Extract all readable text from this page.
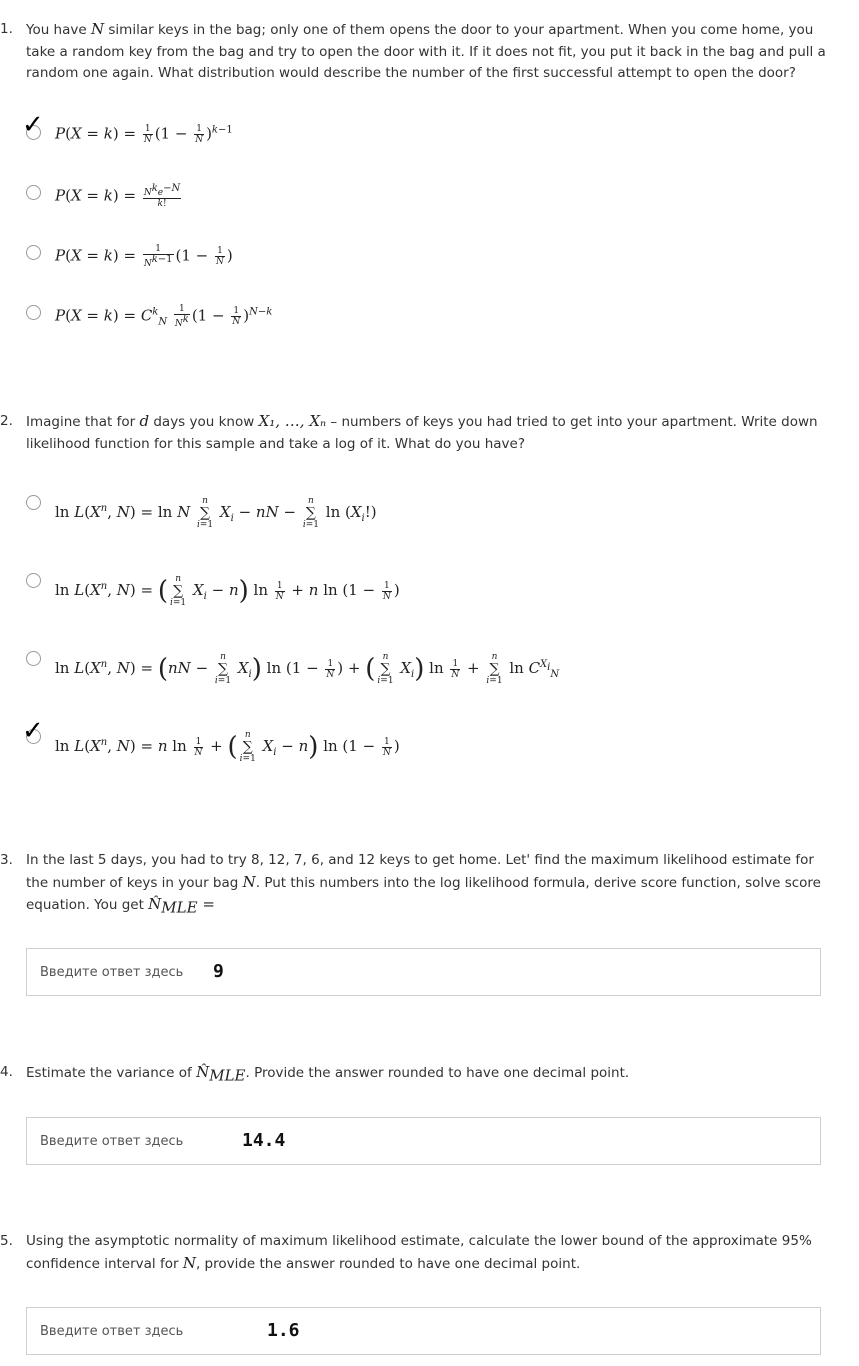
1. You have N similar keys in the bag; only one of them opens the door to your apartment. When you come home, you take a random key from the bag and try to open the door with it. If it does not fit, you put it back in the bag and pull a random one again. What distribution would describe the number of the first successful attempt to open the door?
✓ $P(X = k) = \frac{1}{N} (1 - \frac{1}{N} )^{k-1}$
$P(X = k) = \frac{N^ke^{-N}}{k!}$
$P(X = k) = \frac{1}{N^{k-1}} (1 - \frac{1}{N}$ )
$P(X = k) = C^k_N \frac{1}{N^k} (1 - \frac{1}{N} )^{N-k}$
2. Imagine that for d days you know X₁, …, Xₙ – numbers of keys you had tried to get into your apartment. Write down likelihood function for this sample and take a log of it. What do you have?
$\ln L(X^n$, N) = ln N n
∑
i=1 $X_i$ − nN − n
∑
i=1 $\ln (X_i!)$
$\ln L(X^n$, N) = ( n
∑
i=1 $X_i - n$) $\ln \frac{1}{N} + n$ $\ln (1 - \frac{1}{N}$ )
$\ln L(X^n$, N) = (nN − n
∑
i=1 $X_i$) $\ln (1 - \frac{1}{N}$ ) + ( n
∑
i=1 $X_i$) $\ln \frac{1}{N} + n$
∑
i=1 $\ln C^{X_i}_N$
✓ $\ln L(X^n$, N) = n $\ln \frac{1}{N}$ + ( n
∑
i=1 $X_i - n$) $\ln (1 - \frac{1}{N}$ )
3. In the last 5 days, you had to try 8, 12, 7, 6, and 12 keys to get home. Let' find the maximum likelihood estimate for the number of keys in your bag N. Put this numbers into the log likelihood formula, derive score function, solve score equation. You get $N̂_{MLE}$ =
Введите ответ здесь 9
4. Estimate the variance of $N̂_{MLE}$. Provide the answer rounded to have one decimal point.
Введите ответ здесь	14.4
5. Using the asymptotic normality of maximum likelihood estimate, calculate the lower bound of the approximate 95% confidence interval for N, provide the answer rounded to have one decimal point.
Введите ответ здесь	1.6
